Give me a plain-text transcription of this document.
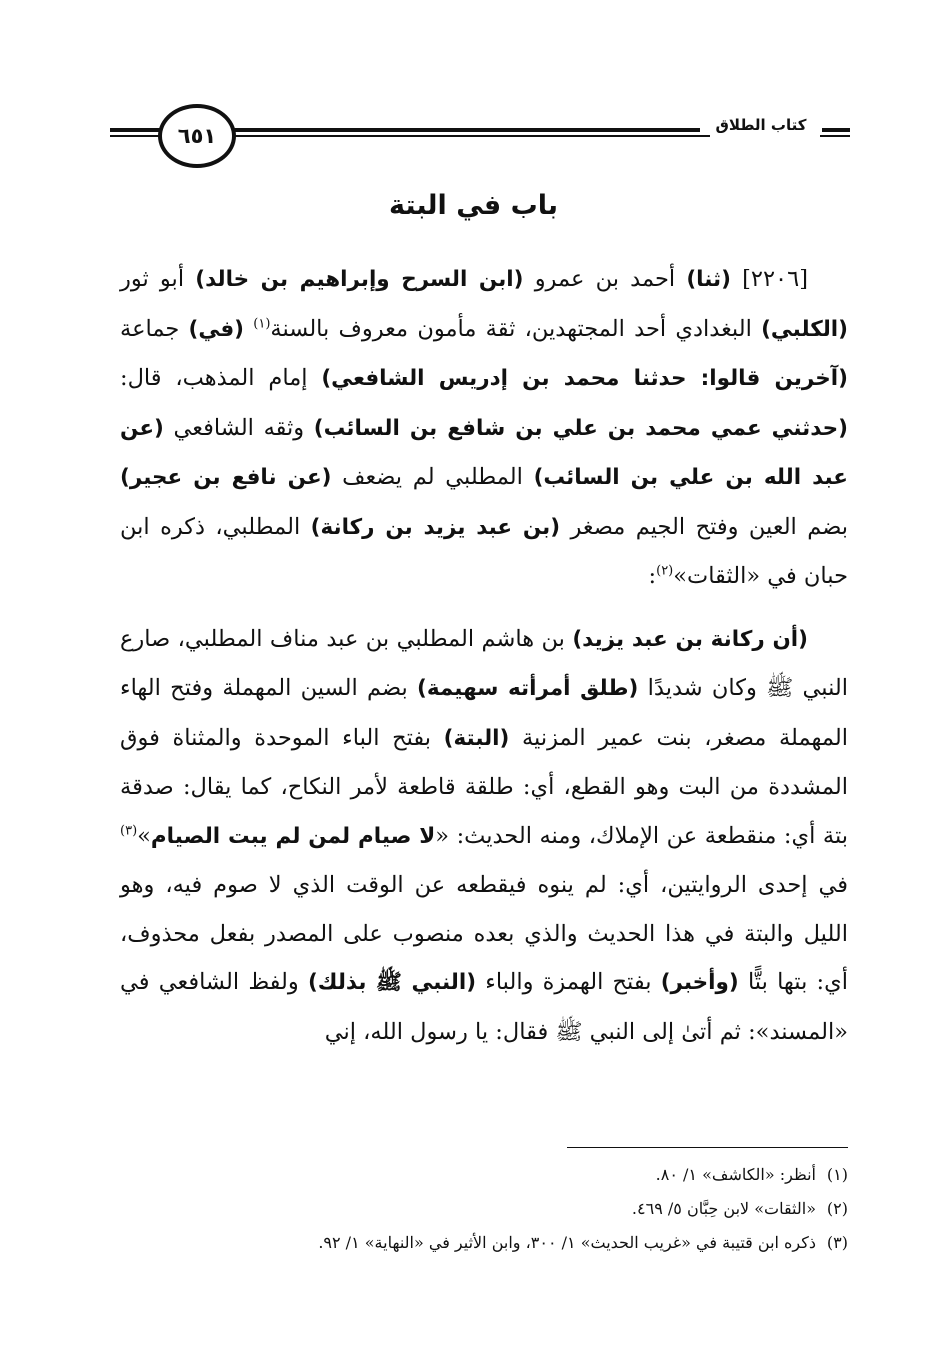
كتاب الطلاق
٦٥١
باب في البتة

[٢٢٠٦] (ثنا) أحمد بن عمرو (ابن السرح وإبراهيم بن خالد) أبو ثور (الكلبي) البغدادي أحد المجتهدين، ثقة مأمون معروف بالسنة$^{(١)}$ (في) جماعة (آخرين قالوا: حدثنا محمد بن إدريس الشافعي) إمام المذهب، قال: (حدثني عمي محمد بن علي بن شافع بن السائب) وثقه الشافعي (عن عبد الله بن علي بن السائب) المطلبي لم يضعف (عن نافع بن عجير) بضم العين وفتح الجيم مصغر (بن عبد يزيد بن ركانة) المطلبي، ذكره ابن حبان في «الثقات»$^{(٢)}$:

(أن ركانة بن عبد يزيد) بن هاشم المطلبي بن عبد مناف المطلبي، صارع النبي ﷺ وكان شديدًا (طلق أمرأته سهيمة) بضم السين المهملة وفتح الهاء المهملة مصغر، بنت عمير المزنية (البتة) بفتح الباء الموحدة والمثناة فوق المشددة من البت وهو القطع، أي: طلقة قاطعة لأمر النكاح، كما يقال: صدقة بتة أي: منقطعة عن الإملاك، ومنه الحديث: «لا صيام لمن لم يبت الصيام»$^{(٣)}$ في إحدى الروايتين، أي: لم ينوه فيقطعه عن الوقت الذي لا صوم فيه، وهو الليل والبتة في هذا الحديث والذي بعده منصوب على المصدر بفعل محذوف، أي: بتها بتًّا (وأخبر) بفتح الهمزة والباء (النبي ﷺ بذلك) ولفظ الشافعي في «المسند»: ثم أتىٰ إلى النبي ﷺ فقال: يا رسول الله، إني

(١)أنظر: «الكاشف» ١/ ٨٠.
(٢)«الثقات» لابن حِبَّان ٥/ ٤٦٩.
(٣)ذكره ابن قتيبة في «غريب الحديث» ١/ ٣٠٠، وابن الأثير في «النهاية» ١/ ٩٢.
